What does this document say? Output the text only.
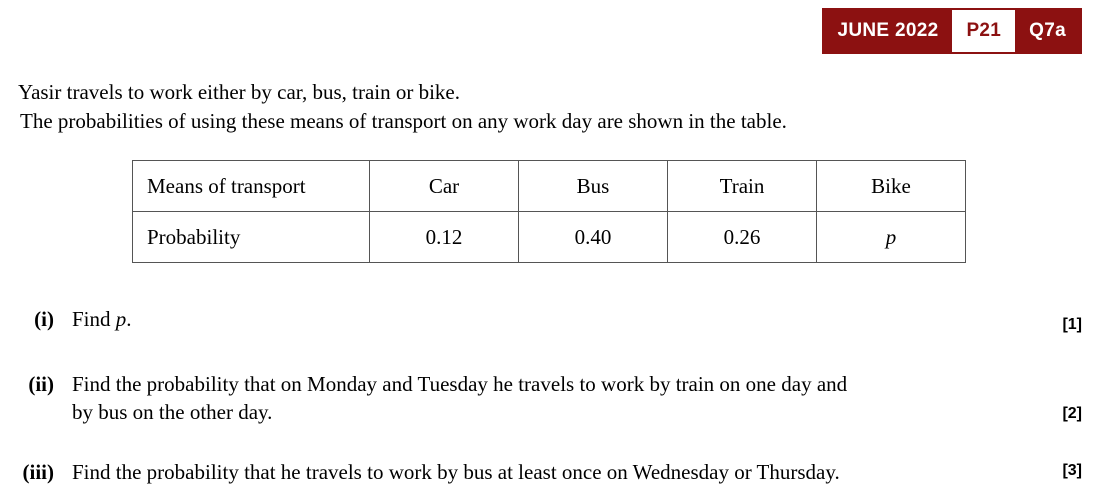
JUNE 2022	P21	Q7a
Yasir travels to work either by car, bus, train or bike.
The probabilities of using these means of transport on any work day are shown in the table.
Means of transport	Car	Bus	Train	Bike
Probability	0.12	0.40	0.26	p
(i) Find p.	[1]
(ii) Find the probability that on Monday and Tuesday he travels to work by train on one day and
by bus on the other day.	[2]
(iii) Find the probability that he travels to work by bus at least once on Wednesday or Thursday.	[3]
